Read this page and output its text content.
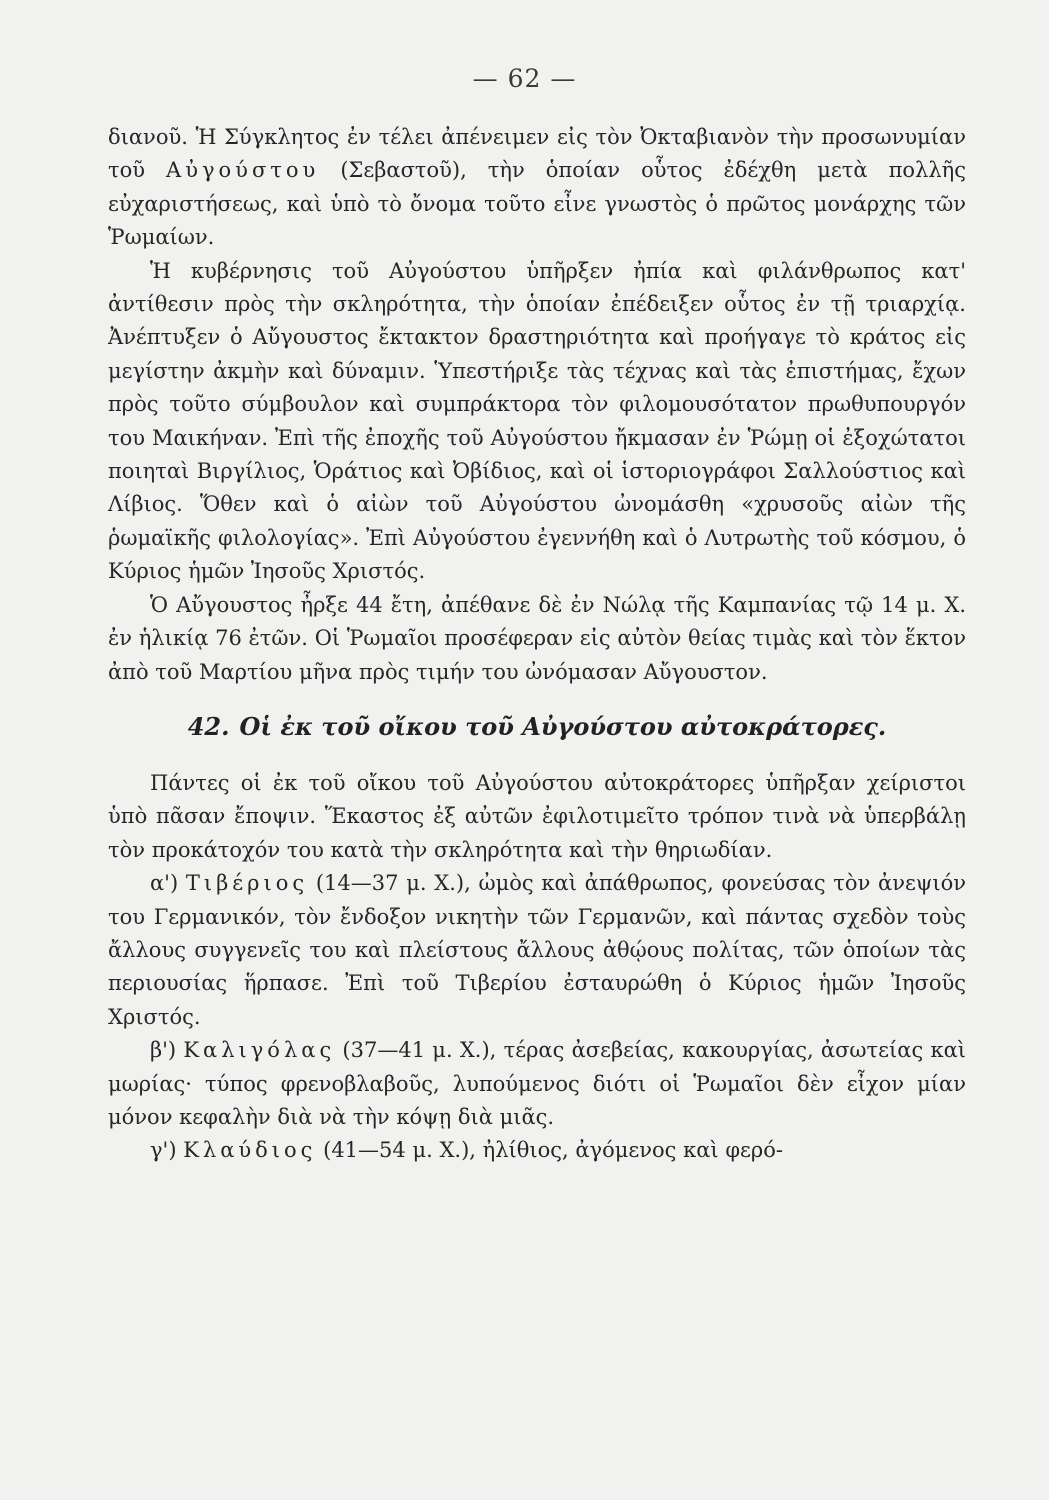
— 62 —

διανοῦ. Ἡ Σύγκλητος ἐν τέλει ἀπένειμεν εἰς τὸν Ὀκταβιανὸν τὴν προσωνυμίαν τοῦ Αὐγούστου (Σεβαστοῦ), τὴν ὁποίαν οὗτος ἐδέχθη μετὰ πολλῆς εὐχαριστήσεως, καὶ ὑπὸ τὸ ὄνομα τοῦτο εἶνε γνωστὸς ὁ πρῶτος μονάρχης τῶν Ῥωμαίων.

Ἡ κυβέρνησις τοῦ Αὐγούστου ὑπῆρξεν ἠπία καὶ φιλάνθρωπος κατ' ἀντίθεσιν πρὸς τὴν σκληρότητα, τὴν ὁποίαν ἐπέδειξεν οὗτος ἐν τῇ τριαρχίᾳ. Ἀνέπτυξεν ὁ Αὔγουστος ἔκτακτον δραστηριότητα καὶ προήγαγε τὸ κράτος εἰς μεγίστην ἀκμὴν καὶ δύναμιν. Ὑπεστήριξε τὰς τέχνας καὶ τὰς ἐπιστήμας, ἔχων πρὸς τοῦτο σύμβουλον καὶ συμπράκτορα τὸν φιλομουσότατον πρωθυπουργόν του Μαικήναν. Ἐπὶ τῆς ἐποχῆς τοῦ Αὐγούστου ἤκμασαν ἐν Ῥώμῃ οἱ ἐξοχώτατοι ποιηταὶ Βιργίλιος, Ὁράτιος καὶ Ὀβίδιος, καὶ οἱ ἱστοριογράφοι Σαλλούστιος καὶ Λίβιος. Ὅθεν καὶ ὁ αἰὼν τοῦ Αὐγούστου ὠνομάσθη «χρυσοῦς αἰὼν τῆς ῥωμαϊκῆς φιλολογίας». Ἐπὶ Αὐγούστου ἐγεννήθη καὶ ὁ Λυτρωτὴς τοῦ κόσμου, ὁ Κύριος ἡμῶν Ἰησοῦς Χριστός.

Ὁ Αὔγουστος ἦρξε 44 ἔτη, ἀπέθανε δὲ ἐν Νώλᾳ τῆς Καμπανίας τῷ 14 μ. Χ. ἐν ἡλικίᾳ 76 ἐτῶν. Οἱ Ῥωμαῖοι προσέφεραν εἰς αὐτὸν θείας τιμὰς καὶ τὸν ἕκτον ἀπὸ τοῦ Μαρτίου μῆνα πρὸς τιμήν του ὠνόμασαν Αὔγουστον.

42. Οἱ ἐκ τοῦ οἴκου τοῦ Αὐγούστου αὐτοκράτορες.

Πάντες οἱ ἐκ τοῦ οἴκου τοῦ Αὐγούστου αὐτοκράτορες ὑπῆρξαν χείριστοι ὑπὸ πᾶσαν ἔποψιν. Ἕκαστος ἐξ αὐτῶν ἐφιλοτιμεῖτο τρόπον τινὰ νὰ ὑπερβάλῃ τὸν προκάτοχόν του κατὰ τὴν σκληρότητα καὶ τὴν θηριωδίαν.

α') Τιβέριος (14—37 μ. Χ.), ὠμὸς καὶ ἀπάθρωπος, φονεύσας τὸν ἀνεψιόν του Γερμανικόν, τὸν ἔνδοξον νικητὴν τῶν Γερμανῶν, καὶ πάντας σχεδὸν τοὺς ἄλλους συγγενεῖς του καὶ πλείστους ἄλλους ἀθῴους πολίτας, τῶν ὁποίων τὰς περιουσίας ἥρπασε. Ἐπὶ τοῦ Τιβερίου ἐσταυρώθη ὁ Κύριος ἡμῶν Ἰησοῦς Χριστός.

β') Καλιγόλας (37—41 μ. Χ.), τέρας ἀσεβείας, κακουργίας, ἀσωτείας καὶ μωρίας· τύπος φρενοβλαβοῦς, λυπούμενος διότι οἱ Ῥωμαῖοι δὲν εἶχον μίαν μόνον κεφαλὴν διὰ νὰ τὴν κόψῃ διὰ μιᾶς.

γ') Κλαύδιος (41—54 μ. Χ.), ἠλίθιος, ἀγόμενος καὶ φερό-
